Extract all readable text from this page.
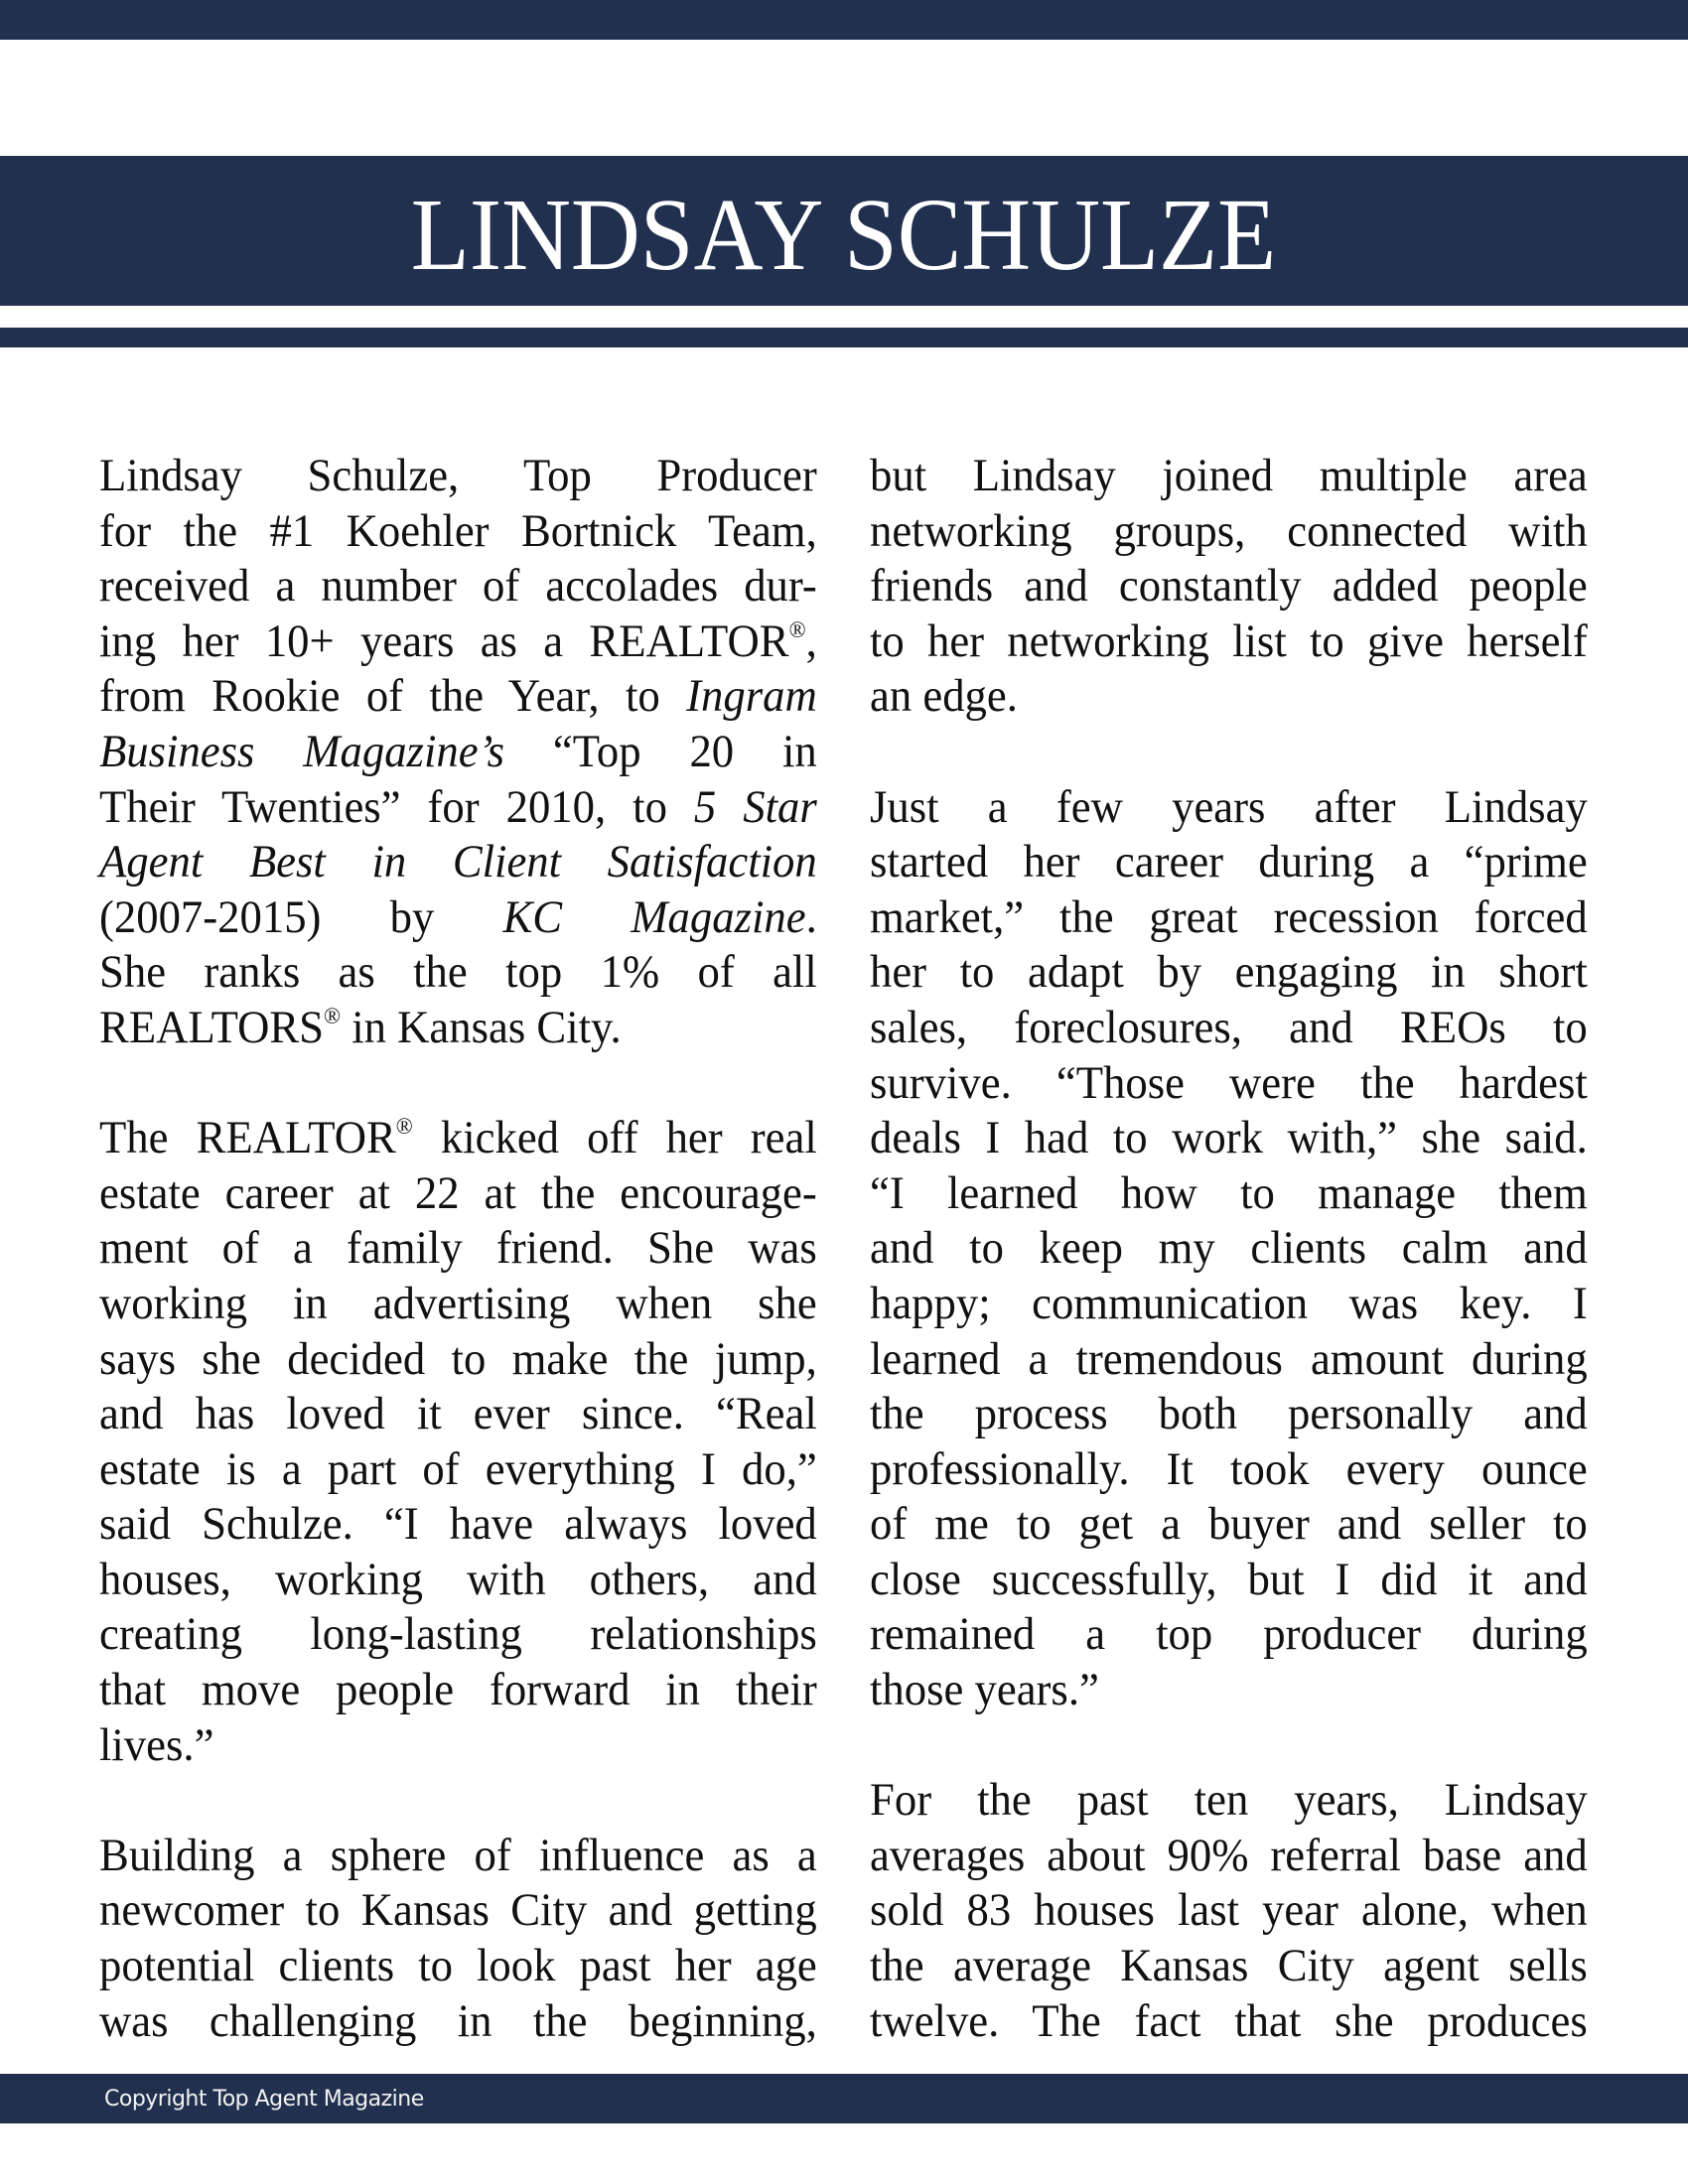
LINDSAY SCHULZE
Lindsay Schulze, Top Producer
for the #1 Koehler Bortnick Team,
received a number of accolades dur-
ing her 10+ years as a REALTOR®,
from Rookie of the Year, to Ingram
Business Magazine’s “Top 20 in
Their Twenties” for 2010, to 5 Star
Agent Best in Client Satisfaction
(2007-2015) by KC Magazine.
She ranks as the top 1% of all
REALTORS® in Kansas City.
The REALTOR® kicked off her real
estate career at 22 at the encourage-
ment of a family friend. She was
working in advertising when she
says she decided to make the jump,
and has loved it ever since. “Real
estate is a part of everything I do,”
said Schulze. “I have always loved
houses, working with others, and
creating long-lasting relationships
that move people forward in their
lives.”
Building a sphere of influence as a
newcomer to Kansas City and getting
potential clients to look past her age
was challenging in the beginning,
but Lindsay joined multiple area
networking groups, connected with
friends and constantly added people
to her networking list to give herself
an edge.
Just a few years after Lindsay
started her career during a “prime
market,” the great recession forced
her to adapt by engaging in short
sales, foreclosures, and REOs to
survive. “Those were the hardest
deals I had to work with,” she said.
“I learned how to manage them
and to keep my clients calm and
happy; communication was key. I
learned a tremendous amount during
the process both personally and
professionally. It took every ounce
of me to get a buyer and seller to
close successfully, but I did it and
remained a top producer during
those years.”
For the past ten years, Lindsay
averages about 90% referral base and
sold 83 houses last year alone, when
the average Kansas City agent sells
twelve. The fact that she produces
Copyright Top Agent Magazine
